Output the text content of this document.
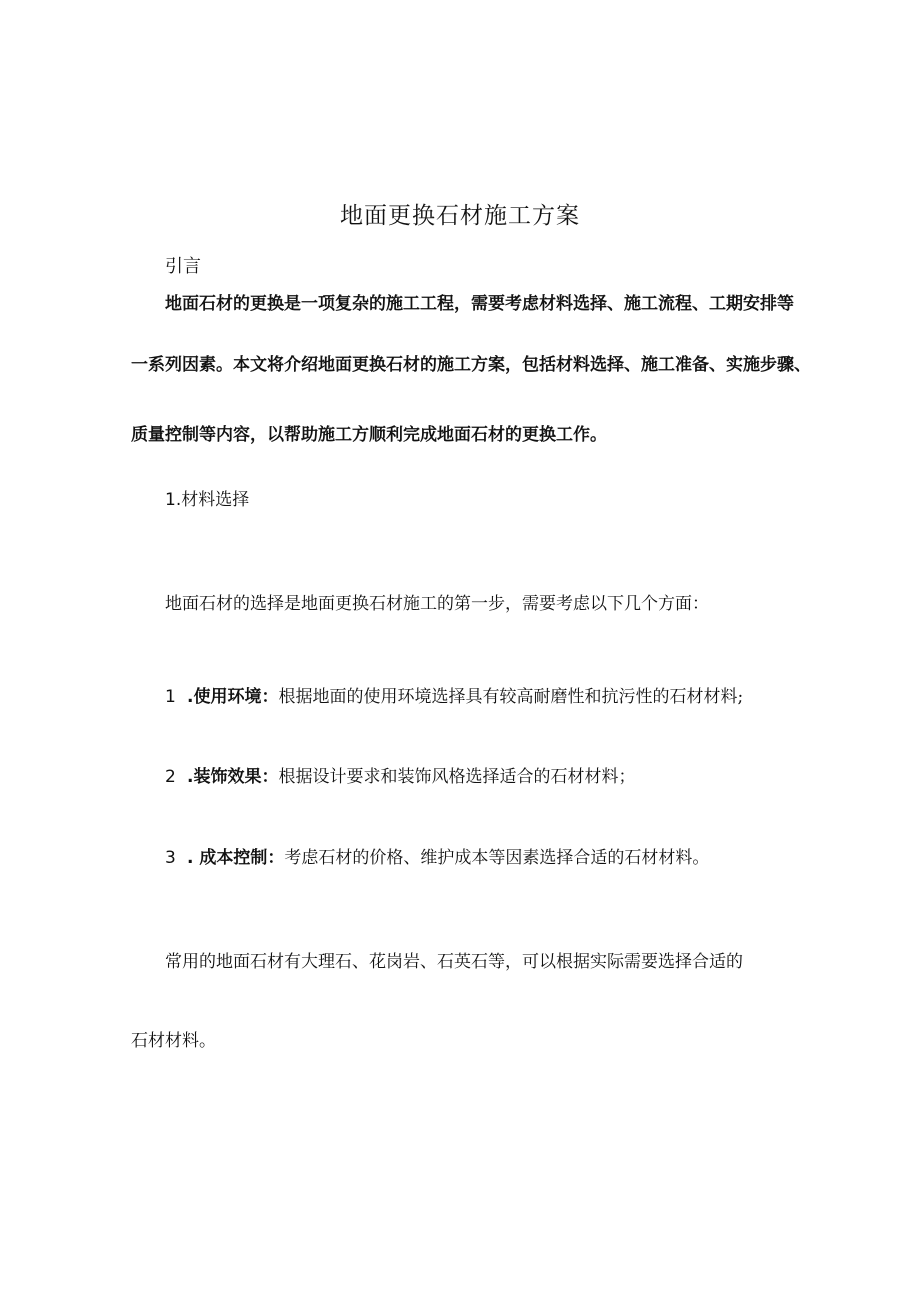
地面更换石材施工方案
引言
地面石材的更换是一项复杂的施工工程，需要考虑材料选择、施工流程、工期安排等
一系列因素。本文将介绍地面更换石材的施工方案，包括材料选择、施工准备、实施步骤、
质量控制等内容，以帮助施工方顺利完成地面石材的更换工作。
1.材料选择
地面石材的选择是地面更换石材施工的第一步，需要考虑以下几个方面：
1 .使用环境：根据地面的使用环境选择具有较高耐磨性和抗污性的石材材料;
2 .装饰效果：根据设计要求和装饰风格选择适合的石材材料；
3 . 成本控制：考虑石材的价格、维护成本等因素选择合适的石材材料。
常用的地面石材有大理石、花岗岩、石英石等，可以根据实际需要选择合适的
石材材料。
